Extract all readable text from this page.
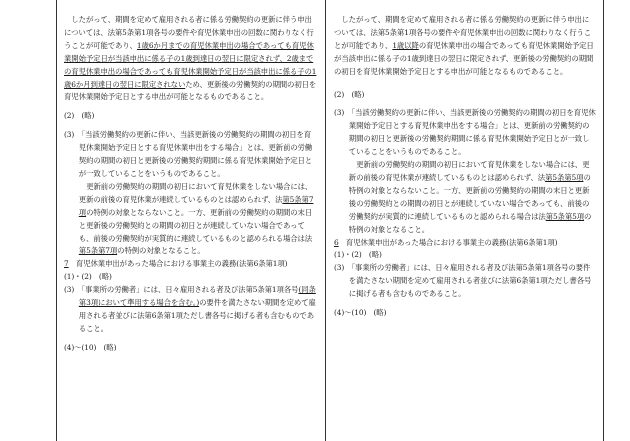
したがって、期間を定めて雇用される者に係る労働契約の更新に伴う申出については、法第5条第1項各号の要件や育児休業申出の回数に関わりなく行うことが可能であり、1歳6か月までの育児休業申出の場合であっても育児休業開始予定日が当該申出に係る子の1歳到達日の翌日に限定されず、2歳までの育児休業申出の場合であっても育児休業開始予定日が当該申出に係る子の1歳6か月到達日の翌日に限定されないため、更新後の労働契約の期間の初日を育児休業開始予定日とする申出が可能となるものであること。

(2)　(略)
(3)　 「当該労働契約の更新に伴い、当該更新後の労働契約の期間の初日を育児休業開始予定日とする育児休業申出をする場合」とは、更新前の労働契約の期間の初日と更新後の労働契約期間に係る育児休業開始予定日とが一致していることをいうものであること。
更新前の労働契約の期間の初日において育児休業をしない場合には、更新の前後の育児休業が連続しているものとは認められず、法第5条第7項の特例の対象とならないこと。一方、更新前の労働契約の期間の末日と更新後の労働契約との期間の初日とが連続していない場合であっても、前後の労働契約が実質的に連続しているものと認められる場合は法第5条第7項の特例の対象となること。
7　 育児休業申出があった場合における事業主の義務(法第6条第1項)
(1)・(2)　(略)
(3)　 「事業所の労働者」には、日々雇用される者及び法第5条第1項各号(同条第3項において準用する場合を含む。)の要件を満たさない期間を定めて雇用される者並びに法第6条第1項ただし書各号に掲げる者も含むものであること。
(4)～(10)　(略)

したがって、期間を定めて雇用される者に係る労働契約の更新に伴う申出については、法第5条第1項各号の要件や育児休業申出の回数に関わりなく行うことが可能であり、1歳以降の育児休業申出の場合であっても育児休業開始予定日が当該申出に係る子の1歳到達日の翌日に限定されず、更新後の労働契約の期間の初日を育児休業開始予定日とする申出が可能となるものであること。

(2)　(略)
(3)　 「当該労働契約の更新に伴い、当該更新後の労働契約の期間の初日を育児休業開始予定日とする育児休業申出をする場合」とは、更新前の労働契約の期間の初日と更新後の労働契約期間に係る育児休業開始予定日とが一致していることをいうものであること。
更新前の労働契約の期間の初日において育児休業をしない場合には、更新の前後の育児休業が連続しているものとは認められず、法第5条第5項の特例の対象とならないこと。一方、更新前の労働契約の期間の末日と更新後の労働契約との期間の初日とが連続していない場合であっても、前後の労働契約が実質的に連続しているものと認められる場合は法第5条第5項の特例の対象となること。
6　 育児休業申出があった場合における事業主の義務(法第6条第1項)
(1)・(2)　(略)
(3)　 「事業所の労働者」には、日々雇用される者及び法第5条第1項各号の要件を満たさない期間を定めて雇用される者並びに法第6条第1項ただし書各号に掲げる者も含むものであること。
(4)～(10)　(略)
